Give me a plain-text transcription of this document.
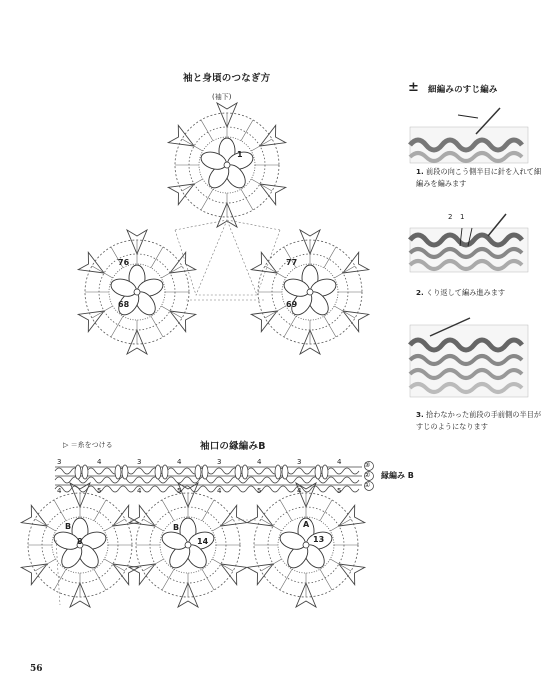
袖と身頃のつなぎ方
(袖下)
1
76
68
77
69
± 細編みのすじ編み
1. 前段の向こう側半目に針を入れて細編みを編みます
2 1
2. くり返して編み進みます
3. 拾わなかった前段の手前側の半目がすじのようになります
▷ ＝糸をつける	袖口の縁編みB
縁編み B
③
②
①
3	4	3	4	3	4	3	4
4	5	4	5	4	5	4	5
B	B	A
8	14	13
56
